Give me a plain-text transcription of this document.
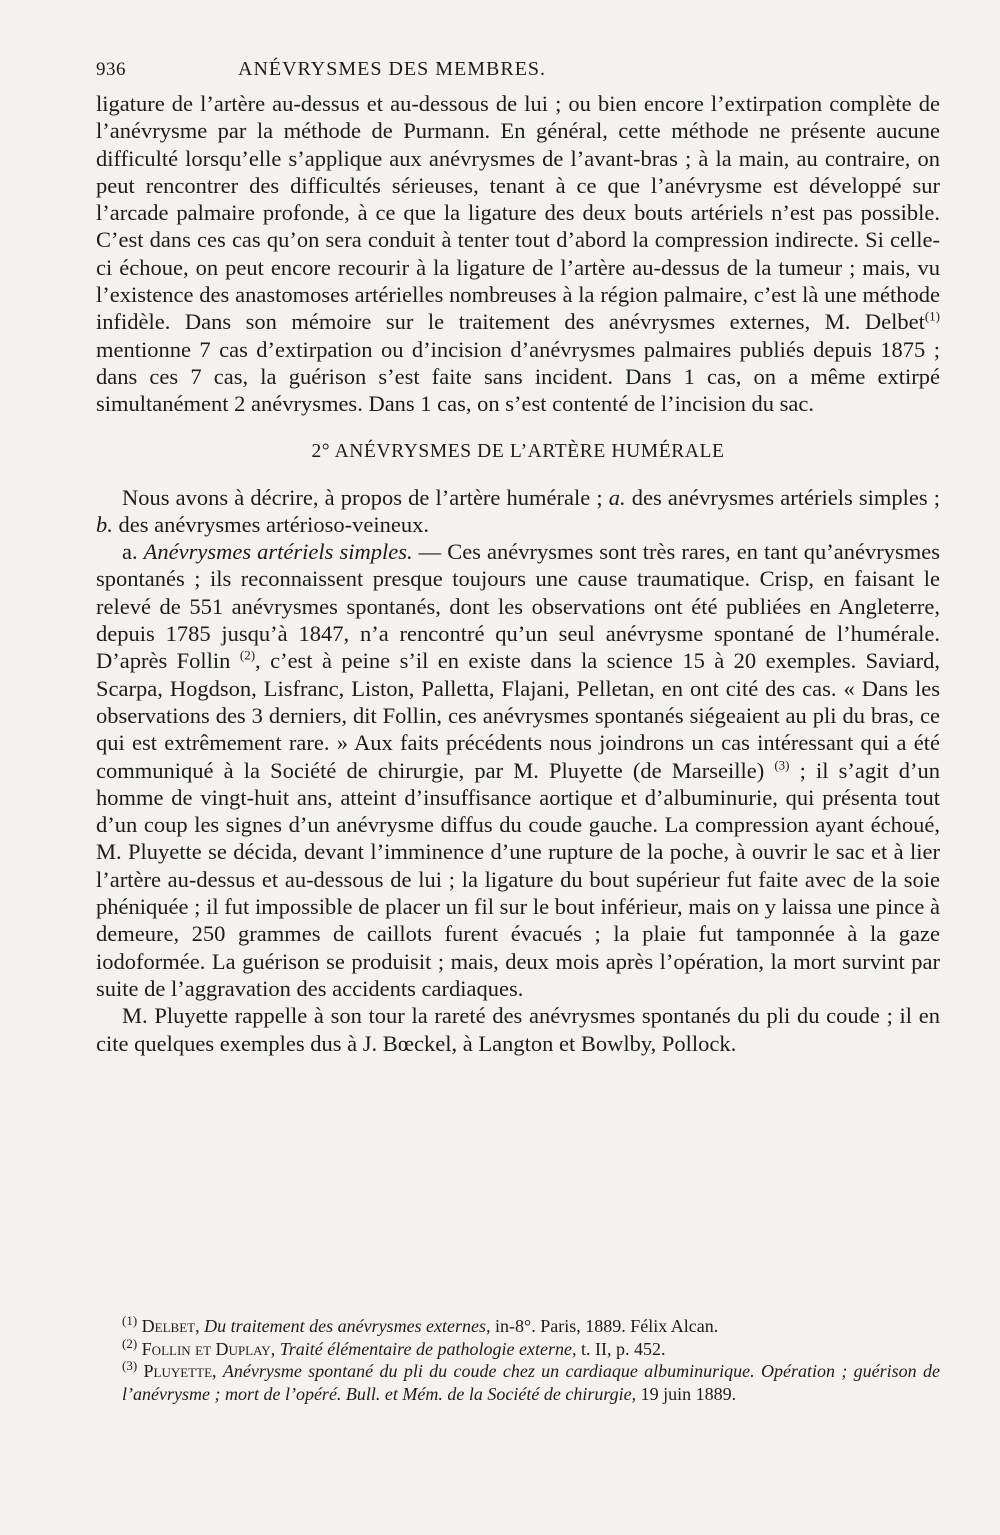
936	ANÉVRYSMES DES MEMBRES.

ligature de l’artère au-dessus et au-dessous de lui ; ou bien encore l’extirpation complète de l’anévrysme par la méthode de Purmann. En général, cette méthode ne présente aucune difficulté lorsqu’elle s’applique aux anévrysmes de l’avant-bras ; à la main, au contraire, on peut rencontrer des difficultés sérieuses, tenant à ce que l’anévrysme est développé sur l’arcade palmaire profonde, à ce que la ligature des deux bouts artériels n’est pas possible. C’est dans ces cas qu’on sera conduit à tenter tout d’abord la compression indirecte. Si celle-ci échoue, on peut encore recourir à la ligature de l’artère au-dessus de la tumeur ; mais, vu l’existence des anastomoses artérielles nombreuses à la région palmaire, c’est là une méthode infidèle. Dans son mémoire sur le traitement des anévrysmes externes, M. Delbet$^{(1)}$ mentionne 7 cas d’extirpation ou d’incision d’anévrysmes palmaires publiés depuis 1875 ; dans ces 7 cas, la guérison s’est faite sans incident. Dans 1 cas, on a même extirpé simultanément 2 anévrysmes. Dans 1 cas, on s’est contenté de l’incision du sac.

2° ANÉVRYSMES DE L’ARTÈRE HUMÉRALE

Nous avons à décrire, à propos de l’artère humérale ; a. des anévrysmes artériels simples ; b. des anévrysmes artérioso-veineux.

a. Anévrysmes artériels simples. — Ces anévrysmes sont très rares, en tant qu’anévrysmes spontanés ; ils reconnaissent presque toujours une cause traumatique. Crisp, en faisant le relevé de 551 anévrysmes spontanés, dont les observations ont été publiées en Angleterre, depuis 1785 jusqu’à 1847, n’a rencontré qu’un seul anévrysme spontané de l’humérale. D’après Follin $^{(2)}$, c’est à peine s’il en existe dans la science 15 à 20 exemples. Saviard, Scarpa, Hogdson, Lisfranc, Liston, Palletta, Flajani, Pelletan, en ont cité des cas. « Dans les observations des 3 derniers, dit Follin, ces anévrysmes spontanés siégeaient au pli du bras, ce qui est extrêmement rare. » Aux faits précédents nous joindrons un cas intéressant qui a été communiqué à la Société de chirurgie, par M. Pluyette (de Marseille) $^{(3)}$ ; il s’agit d’un homme de vingt-huit ans, atteint d’insuffisance aortique et d’albuminurie, qui présenta tout d’un coup les signes d’un anévrysme diffus du coude gauche. La compression ayant échoué, M. Pluyette se décida, devant l’imminence d’une rupture de la poche, à ouvrir le sac et à lier l’artère au-dessus et au-dessous de lui ; la ligature du bout supérieur fut faite avec de la soie phéniquée ; il fut impossible de placer un fil sur le bout inférieur, mais on y laissa une pince à demeure, 250 grammes de caillots furent évacués ; la plaie fut tamponnée à la gaze iodoformée. La guérison se produisit ; mais, deux mois après l’opération, la mort survint par suite de l’aggravation des accidents cardiaques.

M. Pluyette rappelle à son tour la rareté des anévrysmes spontanés du pli du coude ; il en cite quelques exemples dus à J. Bœckel, à Langton et Bowlby, Pollock.

$^{(1)}$ Delbet, Du traitement des anévrysmes externes, in-8°. Paris, 1889. Félix Alcan.

$^{(2)}$ Follin et Duplay, Traité élémentaire de pathologie externe, t. II, p. 452.

$^{(3)}$ Pluyette, Anévrysme spontané du pli du coude chez un cardiaque albuminurique. Opération ; guérison de l’anévrysme ; mort de l’opéré. Bull. et Mém. de la Société de chirurgie, 19 juin 1889.
